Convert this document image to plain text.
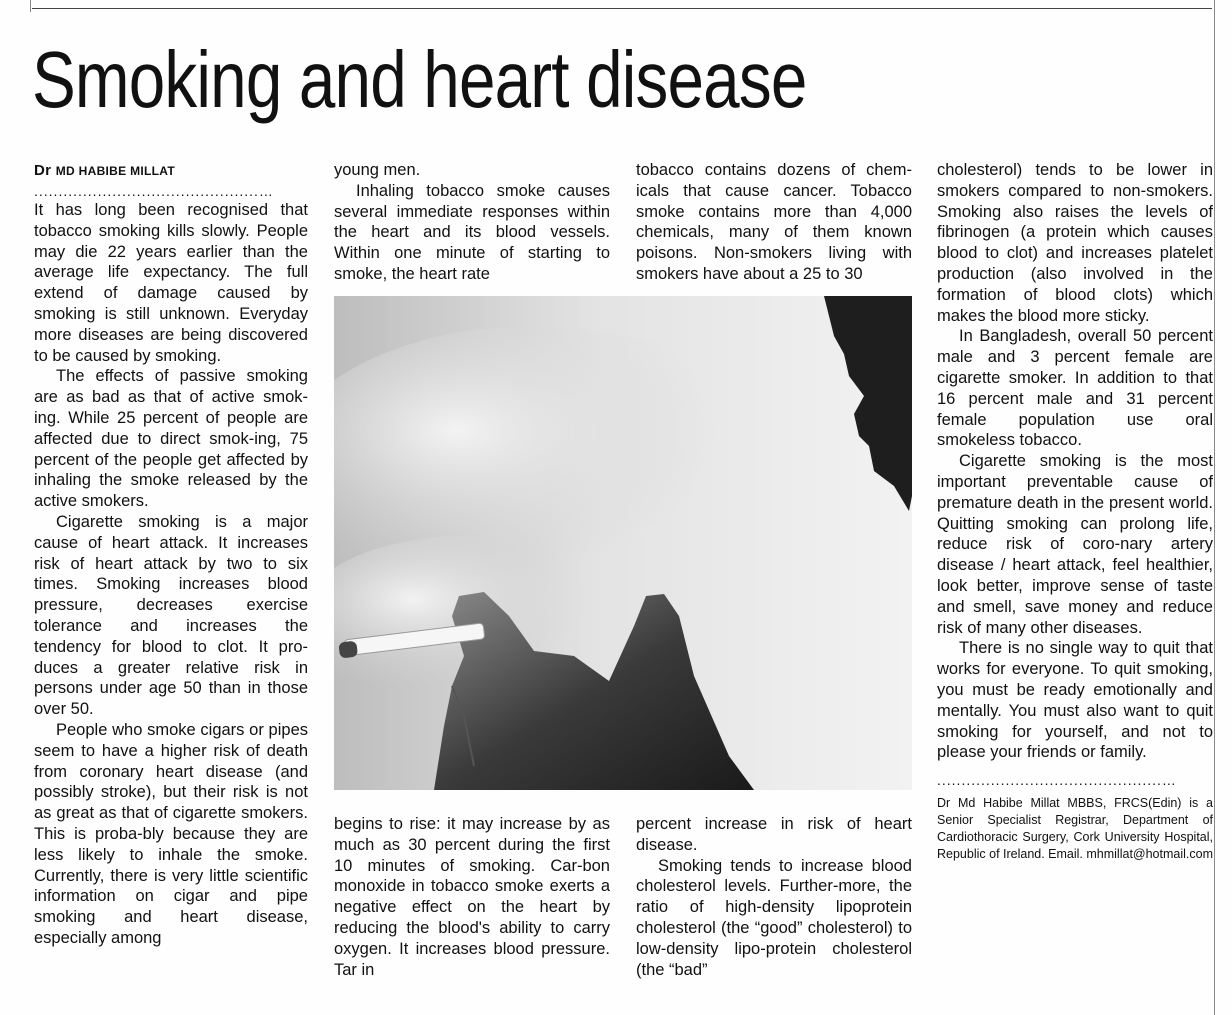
Smoking and heart disease
Dr MD HABIBE MILLAT
..............................................…

It has long been recognised that tobacco smoking kills slowly. People may die 22 years earlier than the average life expectancy. The full extend of damage caused by smoking is still unknown. Everyday more diseases are being discovered to be caused by smoking.

The effects of passive smoking are as bad as that of active smok-ing. While 25 percent of people are affected due to direct smok-ing, 75 percent of the people get affected by inhaling the smoke released by the active smokers.

Cigarette smoking is a major cause of heart attack. It increases risk of heart attack by two to six times. Smoking increases blood pressure, decreases exercise tolerance and increases the tendency for blood to clot. It pro-duces a greater relative risk in persons under age 50 than in those over 50.

People who smoke cigars or pipes seem to have a higher risk of death from coronary heart disease (and possibly stroke), but their risk is not as great as that of cigarette smokers. This is proba-bly because they are less likely to inhale the smoke. Currently, there is very little scientific information on cigar and pipe smoking and heart disease, especially among

young men.

Inhaling tobacco smoke causes several immediate responses within the heart and its blood vessels. Within one minute of starting to smoke, the heart rate

tobacco contains dozens of chem-icals that cause cancer. Tobacco smoke contains more than 4,000 chemicals, many of them known poisons. Non-smokers living with smokers have about a 25 to 30

begins to rise: it may increase by as much as 30 percent during the first 10 minutes of smoking. Car-bon monoxide in tobacco smoke exerts a negative effect on the heart by reducing the blood's ability to carry oxygen. It increases blood pressure. Tar in

percent increase in risk of heart disease.

Smoking tends to increase blood cholesterol levels. Further-more, the ratio of high-density lipoprotein cholesterol (the “good” cholesterol) to low-density lipo-protein cholesterol (the “bad”

cholesterol) tends to be lower in smokers compared to non-smokers. Smoking also raises the levels of fibrinogen (a protein which causes blood to clot) and increases platelet production (also involved in the formation of blood clots) which makes the blood more sticky.

In Bangladesh, overall 50 percent male and 3 percent female are cigarette smoker. In addition to that 16 percent male and 31 percent female population use oral smokeless tobacco.

Cigarette smoking is the most important preventable cause of premature death in the present world. Quitting smoking can prolong life, reduce risk of coro-nary artery disease / heart attack, feel healthier, look better, improve sense of taste and smell, save money and reduce risk of many other diseases.

There is no single way to quit that works for everyone. To quit smoking, you must be ready emotionally and mentally. You must also want to quit smoking for yourself, and not to please your friends or family.

..............................................…
Dr Md Habibe Millat MBBS, FRCS(Edin) is a Senior Specialist Registrar, Department of Cardiothoracic Surgery, Cork University Hospital, Republic of Ireland. Email. mhmillat@hotmail.com
